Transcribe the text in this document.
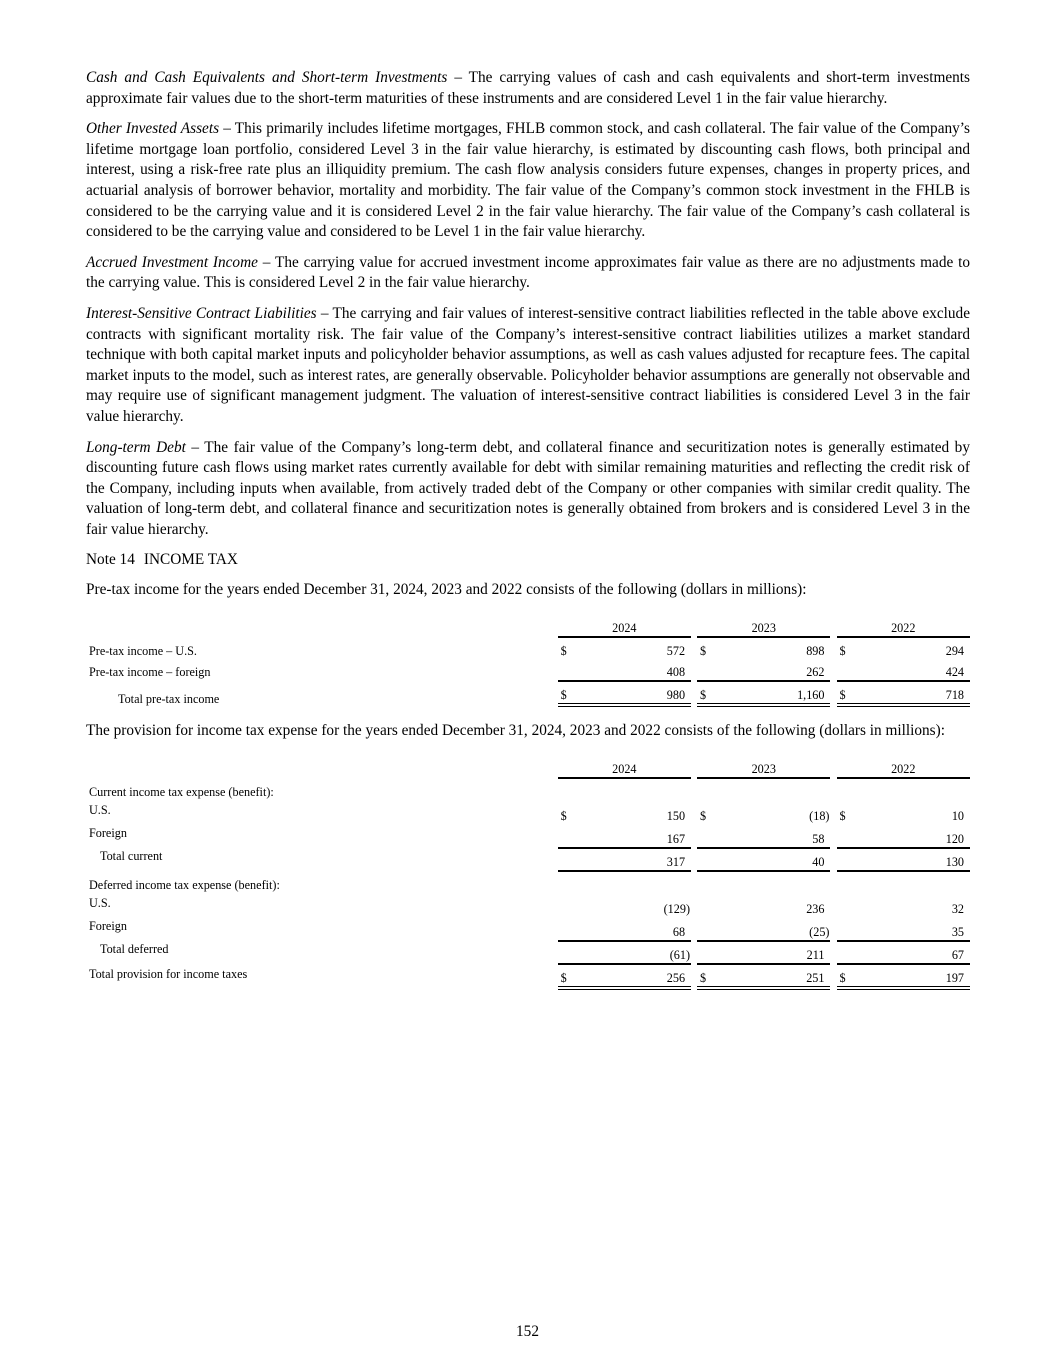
Cash and Cash Equivalents and Short-term Investments – The carrying values of cash and cash equivalents and short-term investments approximate fair values due to the short-term maturities of these instruments and are considered Level 1 in the fair value hierarchy.

Other Invested Assets – This primarily includes lifetime mortgages, FHLB common stock, and cash collateral. The fair value of the Company’s lifetime mortgage loan portfolio, considered Level 3 in the fair value hierarchy, is estimated by discounting cash flows, both principal and interest, using a risk-free rate plus an illiquidity premium. The cash flow analysis considers future expenses, changes in property prices, and actuarial analysis of borrower behavior, mortality and morbidity. The fair value of the Company’s common stock investment in the FHLB is considered to be the carrying value and it is considered Level 2 in the fair value hierarchy. The fair value of the Company’s cash collateral is considered to be the carrying value and considered to be Level 1 in the fair value hierarchy.

Accrued Investment Income – The carrying value for accrued investment income approximates fair value as there are no adjustments made to the carrying value. This is considered Level 2 in the fair value hierarchy.

Interest-Sensitive Contract Liabilities – The carrying and fair values of interest-sensitive contract liabilities reflected in the table above exclude contracts with significant mortality risk. The fair value of the Company’s interest-sensitive contract liabilities utilizes a market standard technique with both capital market inputs and policyholder behavior assumptions, as well as cash values adjusted for recapture fees. The capital market inputs to the model, such as interest rates, are generally observable. Policyholder behavior assumptions are generally not observable and may require use of significant management judgment. The valuation of interest-sensitive contract liabilities is considered Level 3 in the fair value hierarchy.

Long-term Debt – The fair value of the Company’s long-term debt, and collateral finance and securitization notes is generally estimated by discounting future cash flows using market rates currently available for debt with similar remaining maturities and reflecting the credit risk of the Company, including inputs when available, from actively traded debt of the Company or other companies with similar credit quality. The valuation of long-term debt, and collateral finance and securitization notes is generally obtained from brokers and is considered Level 3 in the fair value hierarchy.

Note 14 INCOME TAX

Pre-tax income for the years ended December 31, 2024, 2023 and 2022 consists of the following (dollars in millions):

	2024			2023			2022	
Pre-tax income – U.S.	$	572		$	898		$	294
Pre-tax income – foreign		408			262			424
Total pre-tax income	$	980		$	1,160		$	718

The provision for income tax expense for the years ended December 31, 2024, 2023 and 2022 consists of the following (dollars in millions):

	2024			2023			2022	
Current income tax expense (benefit):								
U.S.	$	150		$	(18)		$	10
Foreign		167			58			120
Total current		317			40			130
Deferred income tax expense (benefit):								
U.S.		(129)			236			32
Foreign		68			(25)			35
Total deferred		(61)			211			67
Total provision for income taxes	$	256		$	251		$	197
152
